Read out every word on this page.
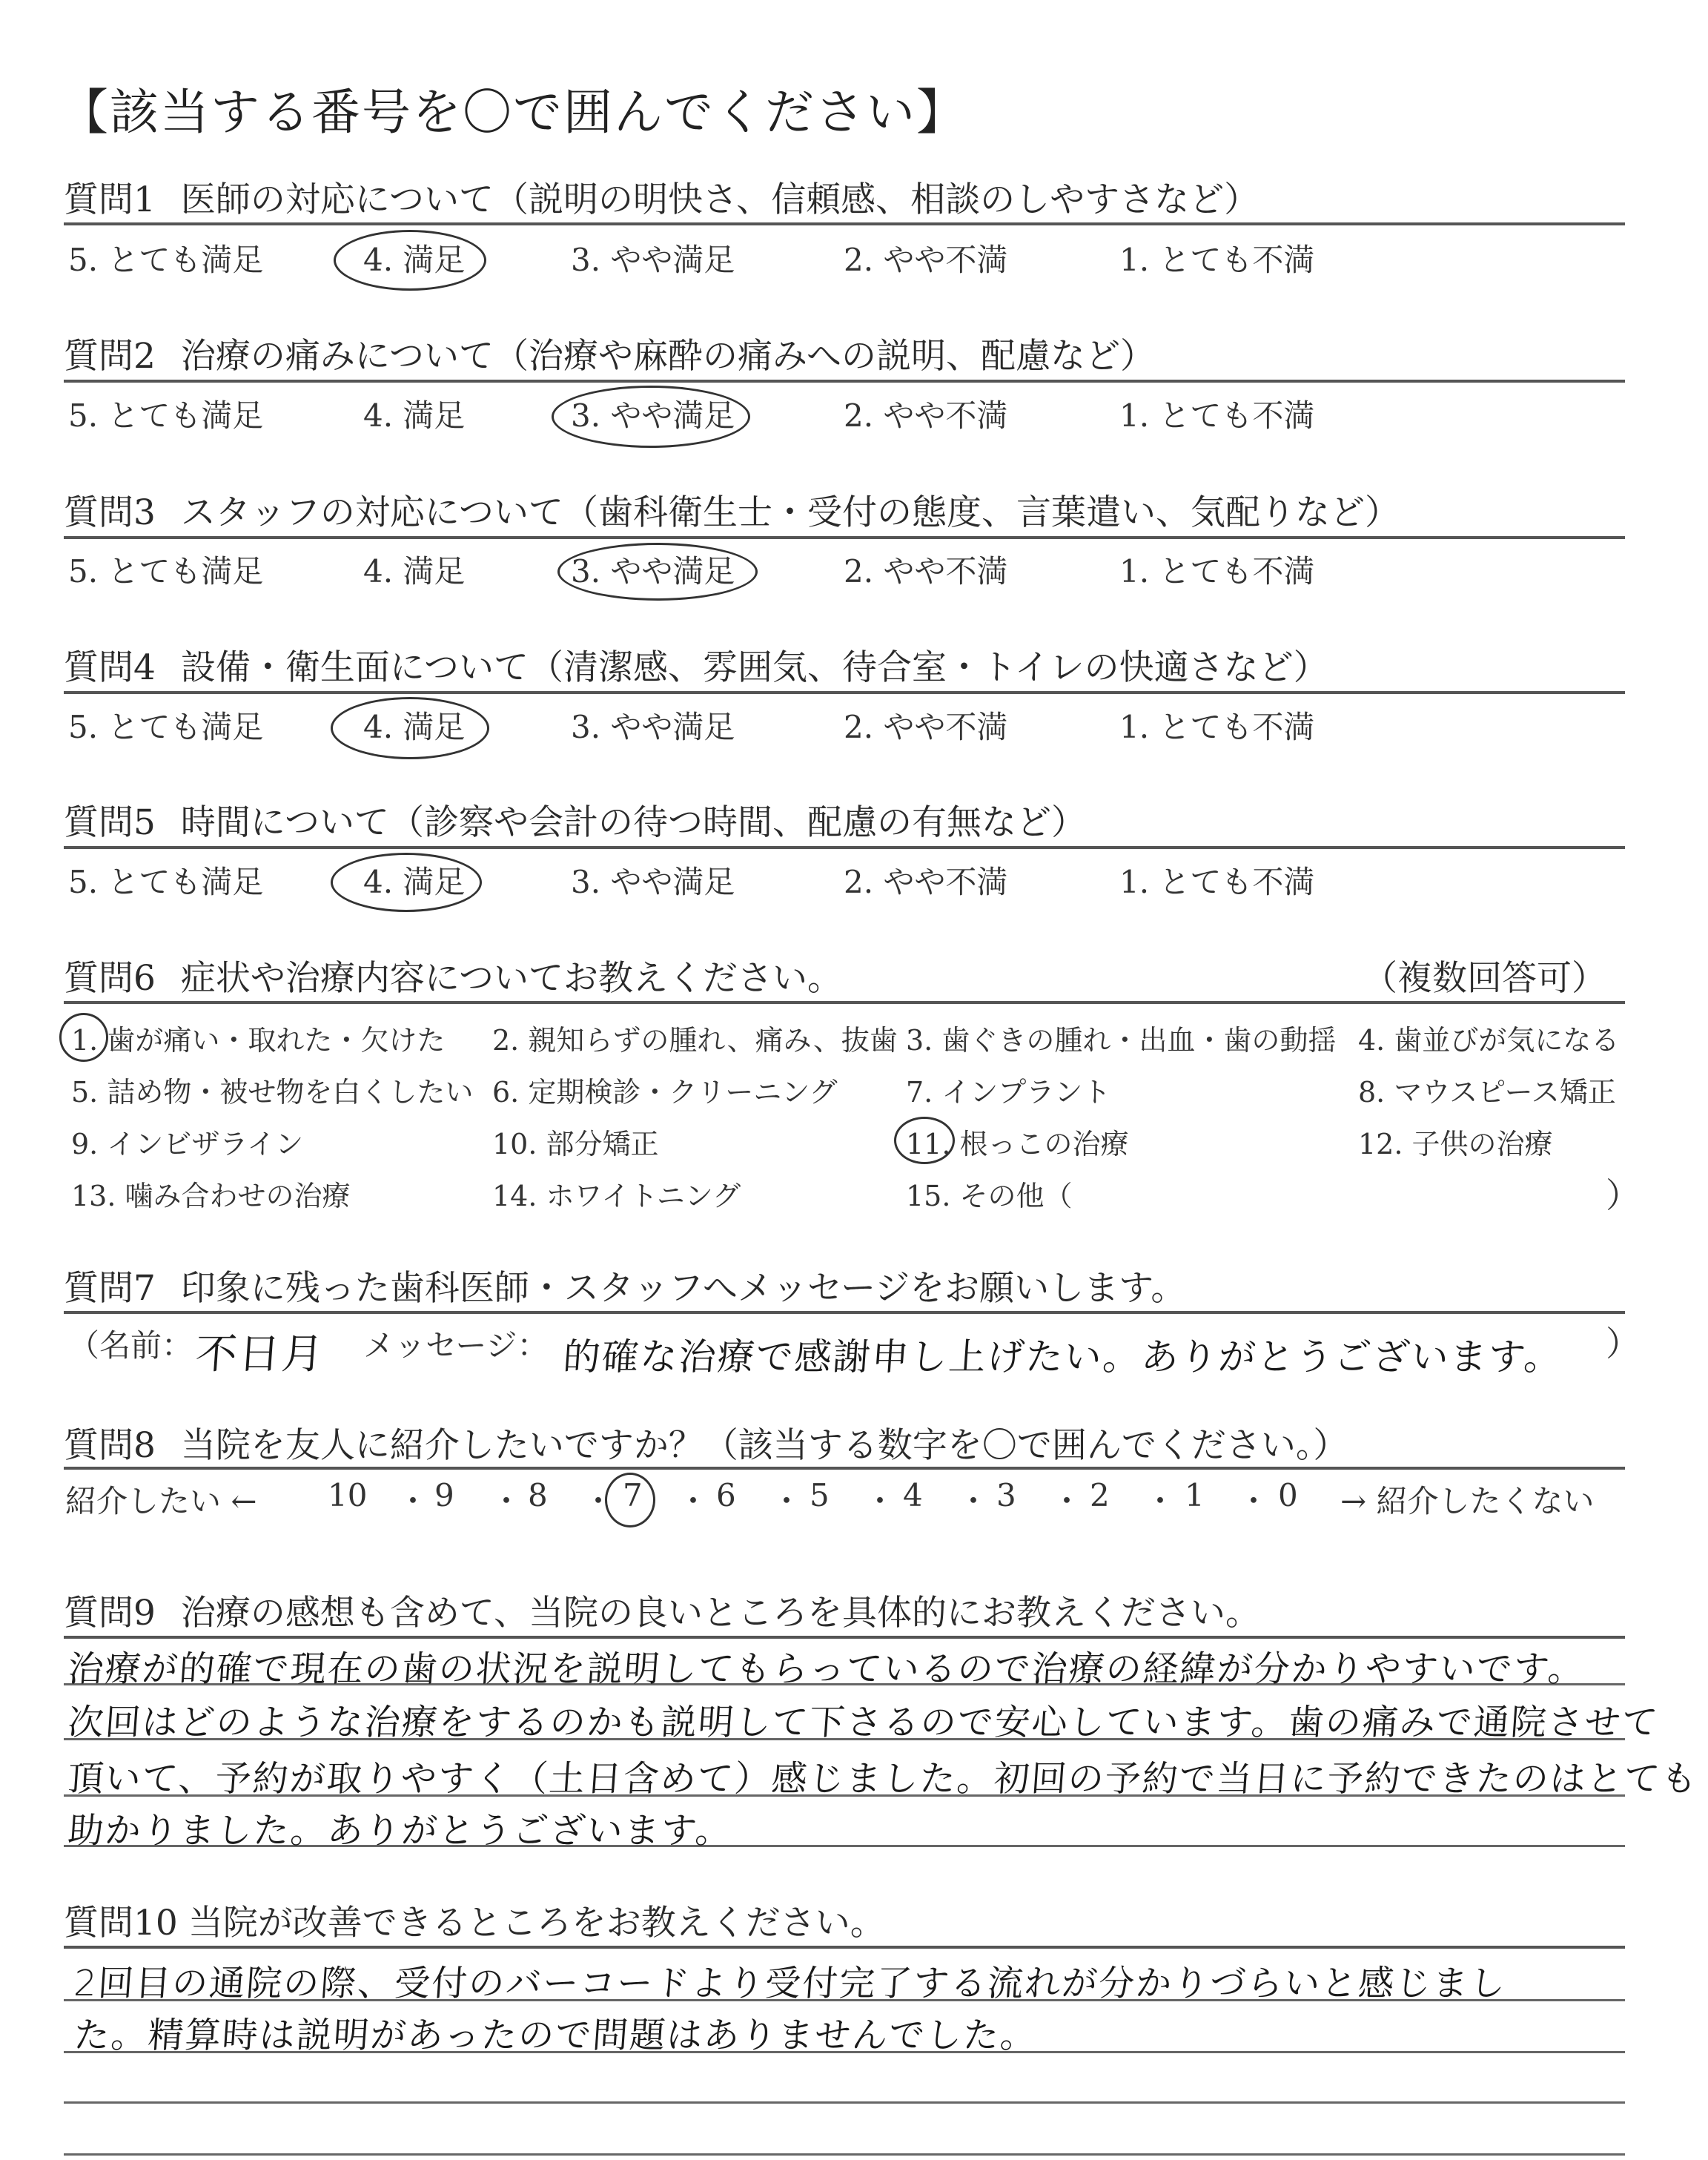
【該当する番号を〇で囲んでください】
質問1 医師の対応について（説明の明快さ、信頼感、相談のしやすさなど）
5. とても満足	4. 満足	3. やや満足	2. やや不満	1. とても不満
質問2 治療の痛みについて（治療や麻酔の痛みへの説明、配慮など）
5. とても満足	4. 満足	3. やや満足	2. やや不満	1. とても不満
質問3 スタッフの対応について（歯科衛生士・受付の態度、言葉遣い、気配りなど）
5. とても満足	4. 満足	3. やや満足	2. やや不満	1. とても不満
質問4 設備・衛生面について（清潔感、雰囲気、待合室・トイレの快適さなど）
5. とても満足	4. 満足	3. やや満足	2. やや不満	1. とても不満
質問5 時間について（診察や会計の待つ時間、配慮の有無など）
5. とても満足	4. 満足	3. やや満足	2. やや不満	1. とても不満
質問6 症状や治療内容についてお教えください。	（複数回答可）
1. 歯が痛い・取れた・欠けた 2. 親知らずの腫れ、痛み、抜歯 3. 歯ぐきの腫れ・出血・歯の動揺 4. 歯並びが気になる
5. 詰め物・被せ物を白くしたい 6. 定期検診・クリーニング 7. インプラント	8. マウスピース矯正
9. インビザライン	10. 部分矯正	11. 根っこの治療	12. 子供の治療
13. 噛み合わせの治療	14. ホワイトニング	15. その他（	）
質問7 印象に残った歯科医師・スタッフへメッセージをお願いします。
（名前： 不日月 メッセージ： 的確な治療で感謝申し上げたい。ありがとうございます。 ）
質問8 当院を友人に紹介したいですか？（該当する数字を〇で囲んでください。）
紹介したい ← 10 ・ 9 ・ 8 ・ 7 ・ 6 ・ 5 ・ 4 ・ 3 ・ 2 ・ 1 ・ 0 → 紹介したくない
質問9 治療の感想も含めて、当院の良いところを具体的にお教えください。
治療が的確で現在の歯の状況を説明してもらっているので治療の経緯が分かりやすいです。
次回はどのような治療をするのかも説明して下さるので安心しています。歯の痛みで通院させて
頂いて、予約が取りやすく（土日含めて）感じました。初回の予約で当日に予約できたのはとても
助かりました。ありがとうございます。
質問10 当院が改善できるところをお教えください。
2回目の通院の際、受付のバーコードより受付完了する流れが分かりづらいと感じまし
た。精算時は説明があったので問題はありませんでした。
